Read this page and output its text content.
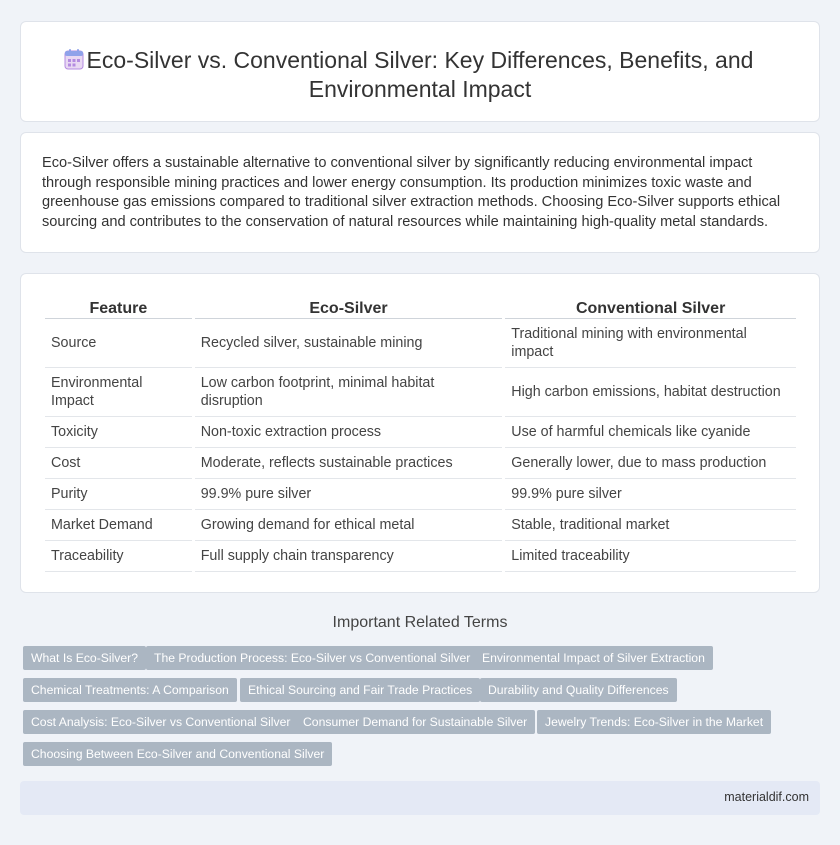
Eco-Silver vs. Conventional Silver: Key Differences, Benefits, and Environmental Impact

Eco-Silver offers a sustainable alternative to conventional silver by significantly reducing environmental impact through responsible mining practices and lower energy consumption. Its production minimizes toxic waste and greenhouse gas emissions compared to traditional silver extraction methods. Choosing Eco-Silver supports ethical sourcing and contributes to the conservation of natural resources while maintaining high-quality metal standards.

Feature	Eco-Silver	Conventional Silver
Source	Recycled silver, sustainable mining	Traditional mining with environmental impact
Environmental Impact	Low carbon footprint, minimal habitat disruption	High carbon emissions, habitat destruction
Toxicity	Non-toxic extraction process	Use of harmful chemicals like cyanide
Cost	Moderate, reflects sustainable practices	Generally lower, due to mass production
Purity	99.9% pure silver	99.9% pure silver
Market Demand	Growing demand for ethical metal	Stable, traditional market
Traceability	Full supply chain transparency	Limited traceability
Important Related Terms
What Is Eco-Silver?	The Production Process: Eco-Silver vs Conventional Silver Environmental Impact of Silver Extraction
Chemical Treatments: A Comparison	Ethical Sourcing and Fair Trade Practices	Durability and Quality Differences
Cost Analysis: Eco-Silver vs Conventional Silver	Consumer Demand for Sustainable Silver	Jewelry Trends: Eco-Silver in the Market
Choosing Between Eco-Silver and Conventional Silver
materialdif.com
